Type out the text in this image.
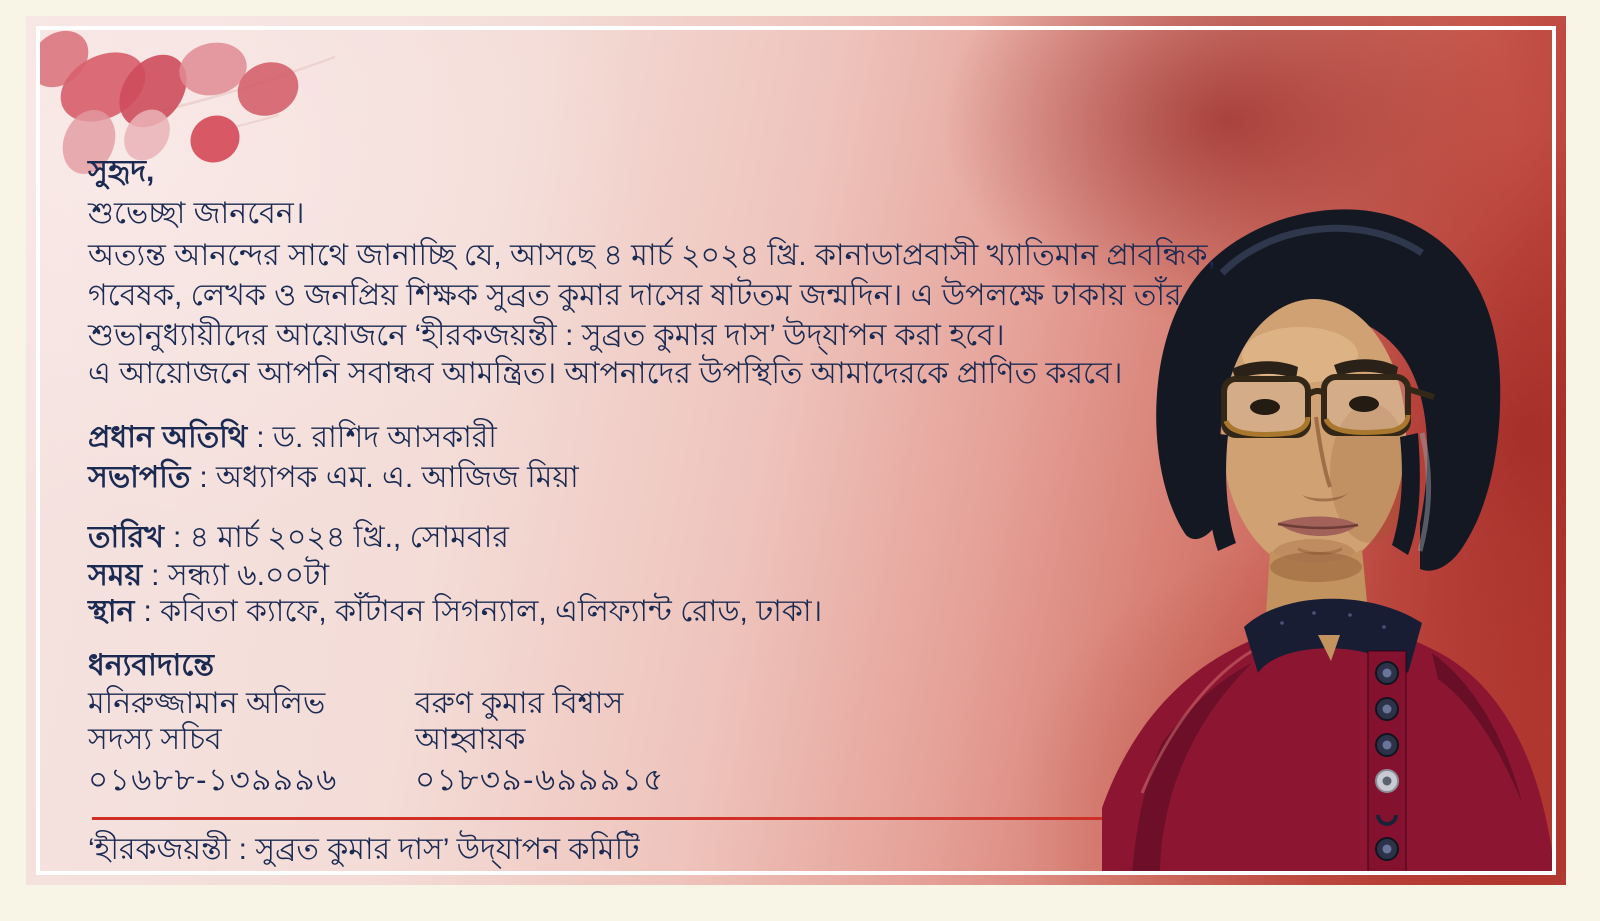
সুহৃদ,
শুভেচ্ছা জানবেন।
অত্যন্ত আনন্দের সাথে জানাচ্ছি যে, আসছে ৪ মার্চ ২০২৪ খ্রি. কানাডাপ্রবাসী খ্যাতিমান প্রাবন্ধিক,
গবেষক, লেখক ও জনপ্রিয় শিক্ষক সুব্রত কুমার দাসের ষাটতম জন্মদিন। এ উপলক্ষে ঢাকায় তাঁর
শুভানুধ্যায়ীদের আয়োজনে ‘হীরকজয়ন্তী : সুব্রত কুমার দাস’ উদ্‌যাপন করা হবে।
এ আয়োজনে আপনি সবান্ধব আমন্ত্রিত। আপনাদের উপস্থিতি আমাদেরকে প্রাণিত করবে।
প্রধান অতিথি : ড. রাশিদ আসকারী
সভাপতি : অধ্যাপক এম. এ. আজিজ মিয়া
তারিখ : ৪ মার্চ ২০২৪ খ্রি., সোমবার
সময় : সন্ধ্যা ৬.০০টা
স্থান : কবিতা ক্যাফে, কাঁটাবন সিগন্যাল, এলিফ্যান্ট রোড, ঢাকা।
ধন্যবাদান্তে
মনিরুজ্জামান অলিভ	বরুণ কুমার বিশ্বাস
সদস্য সচিব	আহ্বায়ক
০১৬৮৮-১৩৯৯৯৬ ০১৮৩৯-৬৯৯৯১৫
‘হীরকজয়ন্তী : সুব্রত কুমার দাস’ উদ্‌যাপন কমিটি
